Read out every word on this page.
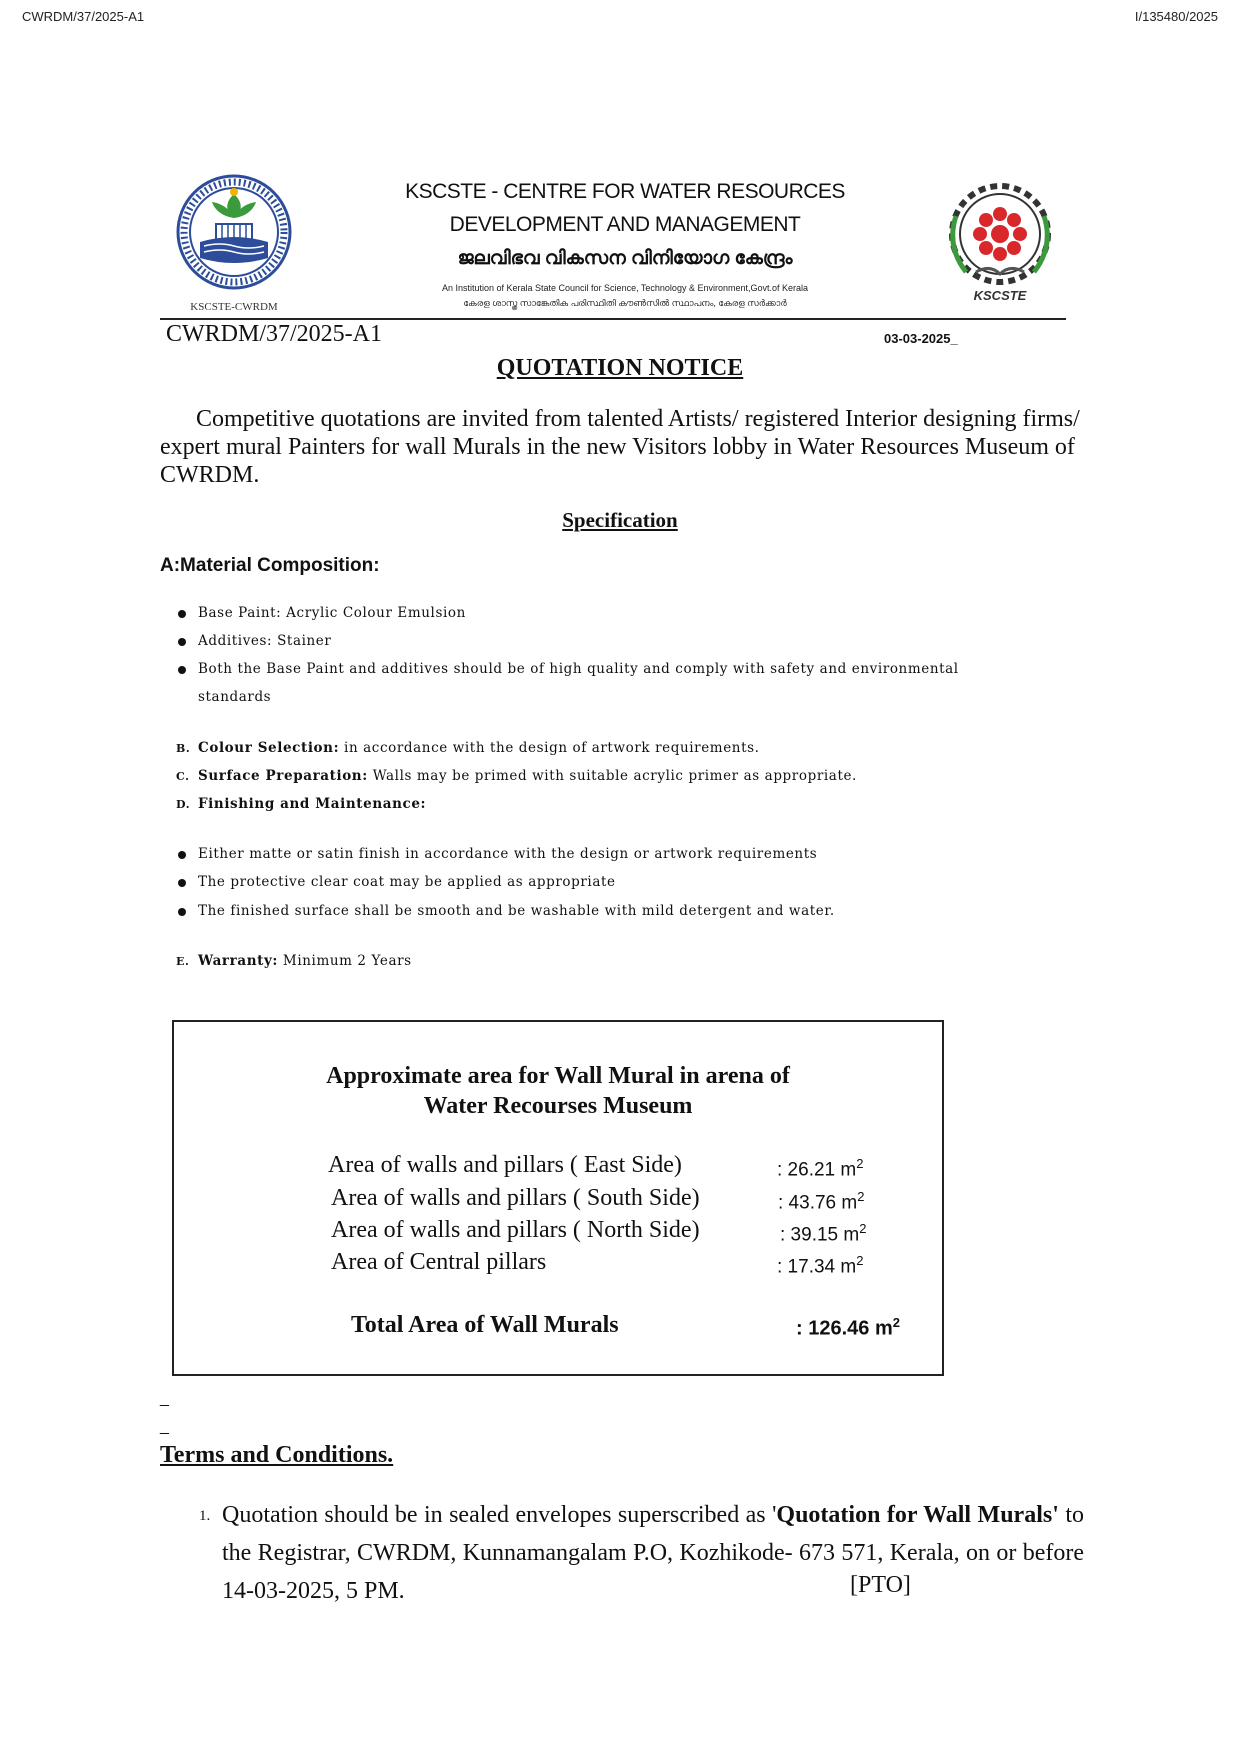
CWRDM/37/2025-A1	I/135480/2025
KSCSTE-CWRDM
KSCSTE - CENTRE FOR WATER RESOURCES
DEVELOPMENT AND MANAGEMENT
ജലവിഭവ വികസന വിനിയോഗ കേന്ദ്രം
An Institution of Kerala State Council for Science, Technology & Environment,Govt.of Kerala
കേരള ശാസ്ത്ര സാങ്കേതിക പരിസ്ഥിതി കൗൺസിൽ സ്ഥാപനം, കേരള സർക്കാർ	KSCSTE
CWRDM/37/2025-A1	03-03-2025_
QUOTATION NOTICE
Competitive quotations are invited from talented Artists/ registered Interior designing firms/ expert mural Painters for wall Murals in the new Visitors lobby in Water Resources Museum of CWRDM.
Specification
A:Material Composition:
Base Paint: Acrylic Colour Emulsion
Additives: Stainer
Both the Base Paint and additives should be of high quality and comply with safety and environmental
standards
B. Colour Selection: in accordance with the design of artwork requirements.
C. Surface Preparation: Walls may be primed with suitable acrylic primer as appropriate.
D. Finishing and Maintenance:
Either matte or satin finish in accordance with the design or artwork requirements
The protective clear coat may be applied as appropriate
The finished surface shall be smooth and be washable with mild detergent and water.
E. Warranty: Minimum 2 Years
Approximate area for Wall Mural in arena of
Water Recourses Museum
Area of walls and pillars ( East Side)	: 26.21 $m^2$
Area of walls and pillars ( South Side)	: 43.76 $m^2$
Area of walls and pillars ( North Side)	: 39.15 $m^2$
Area of Central pillars	: 17.34 $m^2$
Total Area of Wall Murals	: 126.46 $m^2$
_
_
Terms and Conditions.
1. Quotation should be in sealed envelopes superscribed as 'Quotation for Wall Murals' to the Registrar, CWRDM, Kunnamangalam P.O, Kozhikode- 673 571, Kerala, on or before 14-03-2025, 5 PM.	[PTO]
